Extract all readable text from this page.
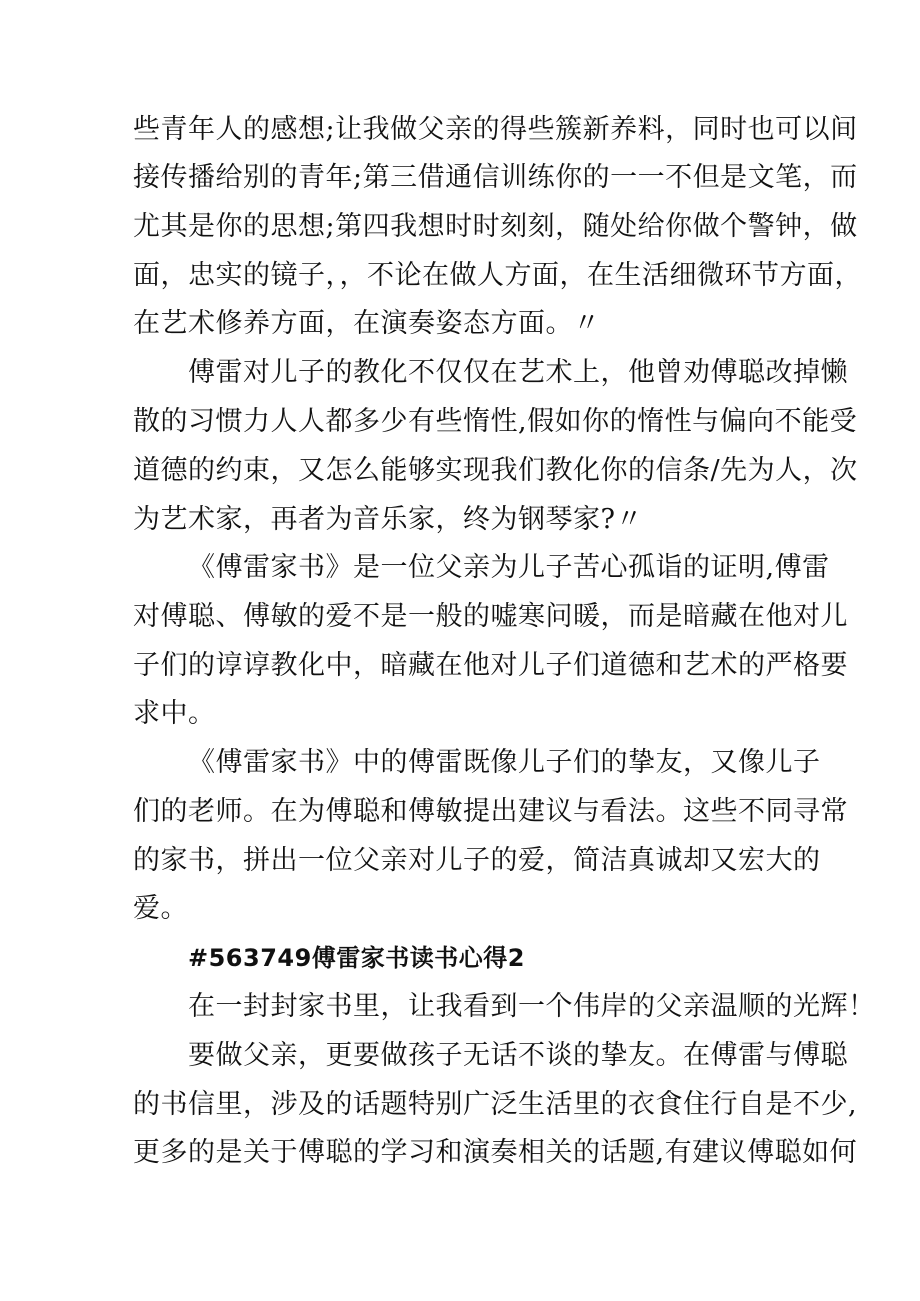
些青年人的感想;让我做父亲的得些簇新养料，同时也可以间
接传播给别的青年;第三借通信训练你的一一不但是文笔，而
尤其是你的思想;第四我想时时刻刻，随处给你做个警钟，做
面，忠实的镜子，，不论在做人方面，在生活细微环节方面，
在艺术修养方面，在演奏姿态方面。〃
傅雷对儿子的教化不仅仅在艺术上，他曾劝傅聪改掉懒
散的习惯力人人都多少有些惰性,假如你的惰性与偏向不能受
道德的约束，又怎么能够实现我们教化你的信条/先为人，次
为艺术家，再者为音乐家，终为钢琴家?〃
《傅雷家书》是一位父亲为儿子苦心孤诣的证明,傅雷
对傅聪、傅敏的爱不是一般的嘘寒问暖，而是暗藏在他对儿
子们的谆谆教化中，暗藏在他对儿子们道德和艺术的严格要
求中。
《傅雷家书》中的傅雷既像儿子们的挚友，又像儿子
们的老师。在为傅聪和傅敏提出建议与看法。这些不同寻常
的家书，拼出一位父亲对儿子的爱，简洁真诚却又宏大的
爱。
#563749傅雷家书读书心得2
在一封封家书里，让我看到一个伟岸的父亲温顺的光辉！
要做父亲，更要做孩子无话不谈的挚友。在傅雷与傅聪
的书信里，涉及的话题特别广泛生活里的衣食住行自是不少,
更多的是关于傅聪的学习和演奏相关的话题,有建议傅聪如何
